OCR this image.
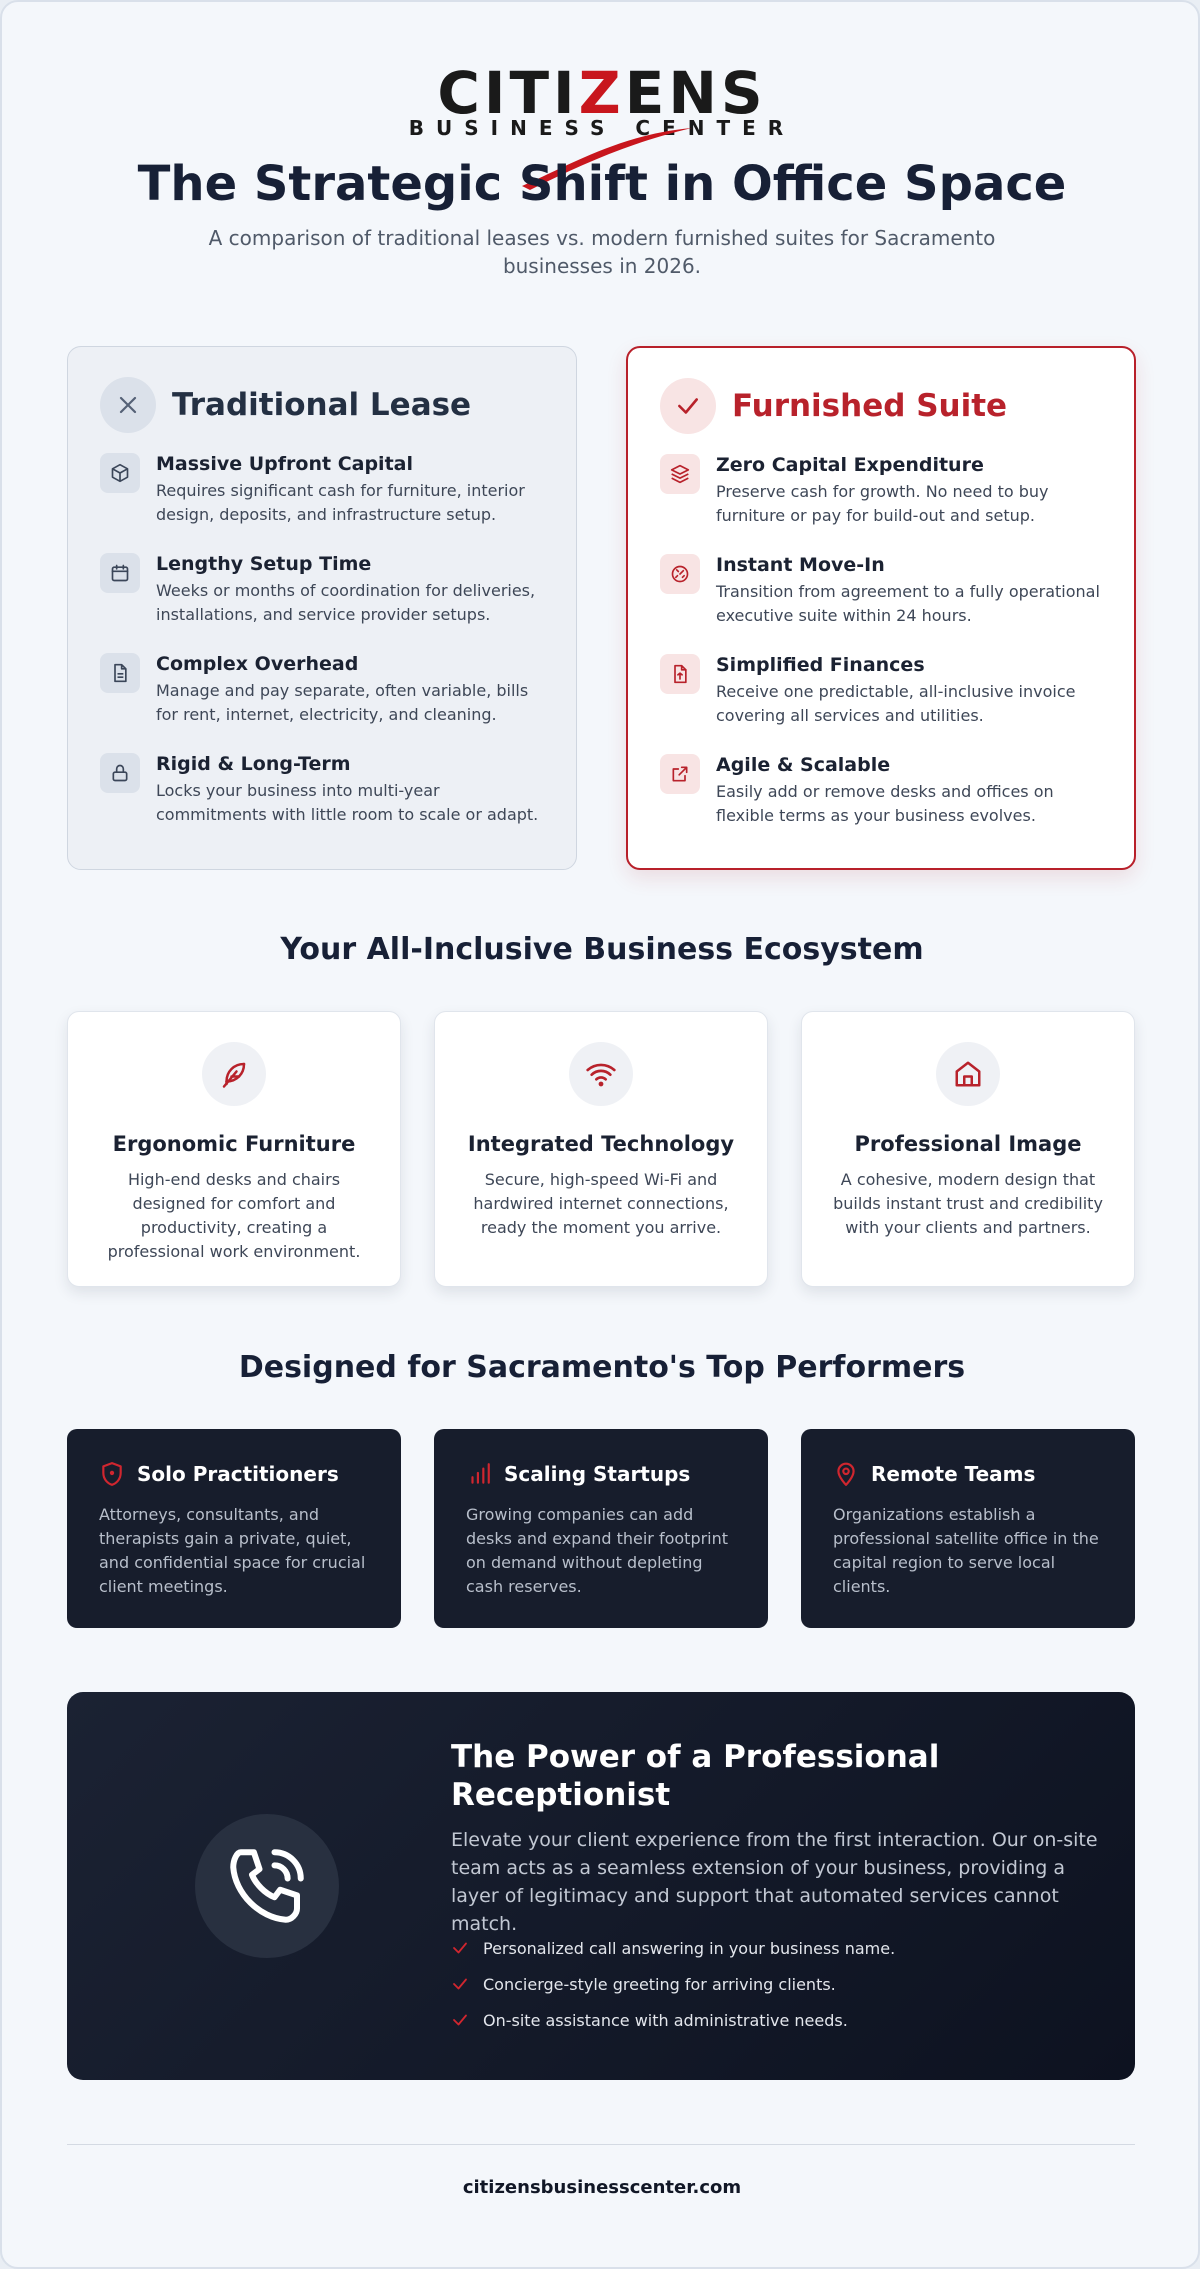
CITIZENS
BUSINESS CENTER
The Strategic Shift in Office Space

A comparison of traditional leases vs. modern furnished suites for Sacramento businesses in 2026.

Traditional Lease
Massive Upfront Capital
Requires significant cash for furniture, interior design, deposits, and infrastructure setup.
Lengthy Setup Time
Weeks or months of coordination for deliveries, installations, and service provider setups.
Complex Overhead
Manage and pay separate, often variable, bills for rent, internet, electricity, and cleaning.
Rigid & Long-Term
Locks your business into multi-year commitments with little room to scale or adapt.
Furnished Suite
Zero Capital Expenditure
Preserve cash for growth. No need to buy furniture or pay for build-out and setup.
Instant Move-In
Transition from agreement to a fully operational executive suite within 24 hours.
Simplified Finances
Receive one predictable, all-inclusive invoice covering all services and utilities.
Agile & Scalable
Easily add or remove desks and offices on flexible terms as your business evolves.
Your All-Inclusive Business Ecosystem
Ergonomic Furniture
High-end desks and chairs designed for comfort and productivity, creating a professional work environment.
Integrated Technology
Secure, high-speed Wi-Fi and hardwired internet connections, ready the moment you arrive.
Professional Image
A cohesive, modern design that builds instant trust and credibility with your clients and partners.
Designed for Sacramento's Top Performers
Solo Practitioners
Attorneys, consultants, and therapists gain a private, quiet, and confidential space for crucial client meetings.
Scaling Startups
Growing companies can add desks and expand their footprint on demand without depleting cash reserves.
Remote Teams
Organizations establish a professional satellite office in the capital region to serve local clients.
The Power of a Professional Receptionist

Elevate your client experience from the first interaction. Our on-site team acts as a seamless extension of your business, providing a layer of legitimacy and support that automated services cannot match.

Personalized call answering in your business name.
Concierge-style greeting for arriving clients.
On-site assistance with administrative needs.
citizensbusinesscenter.com
